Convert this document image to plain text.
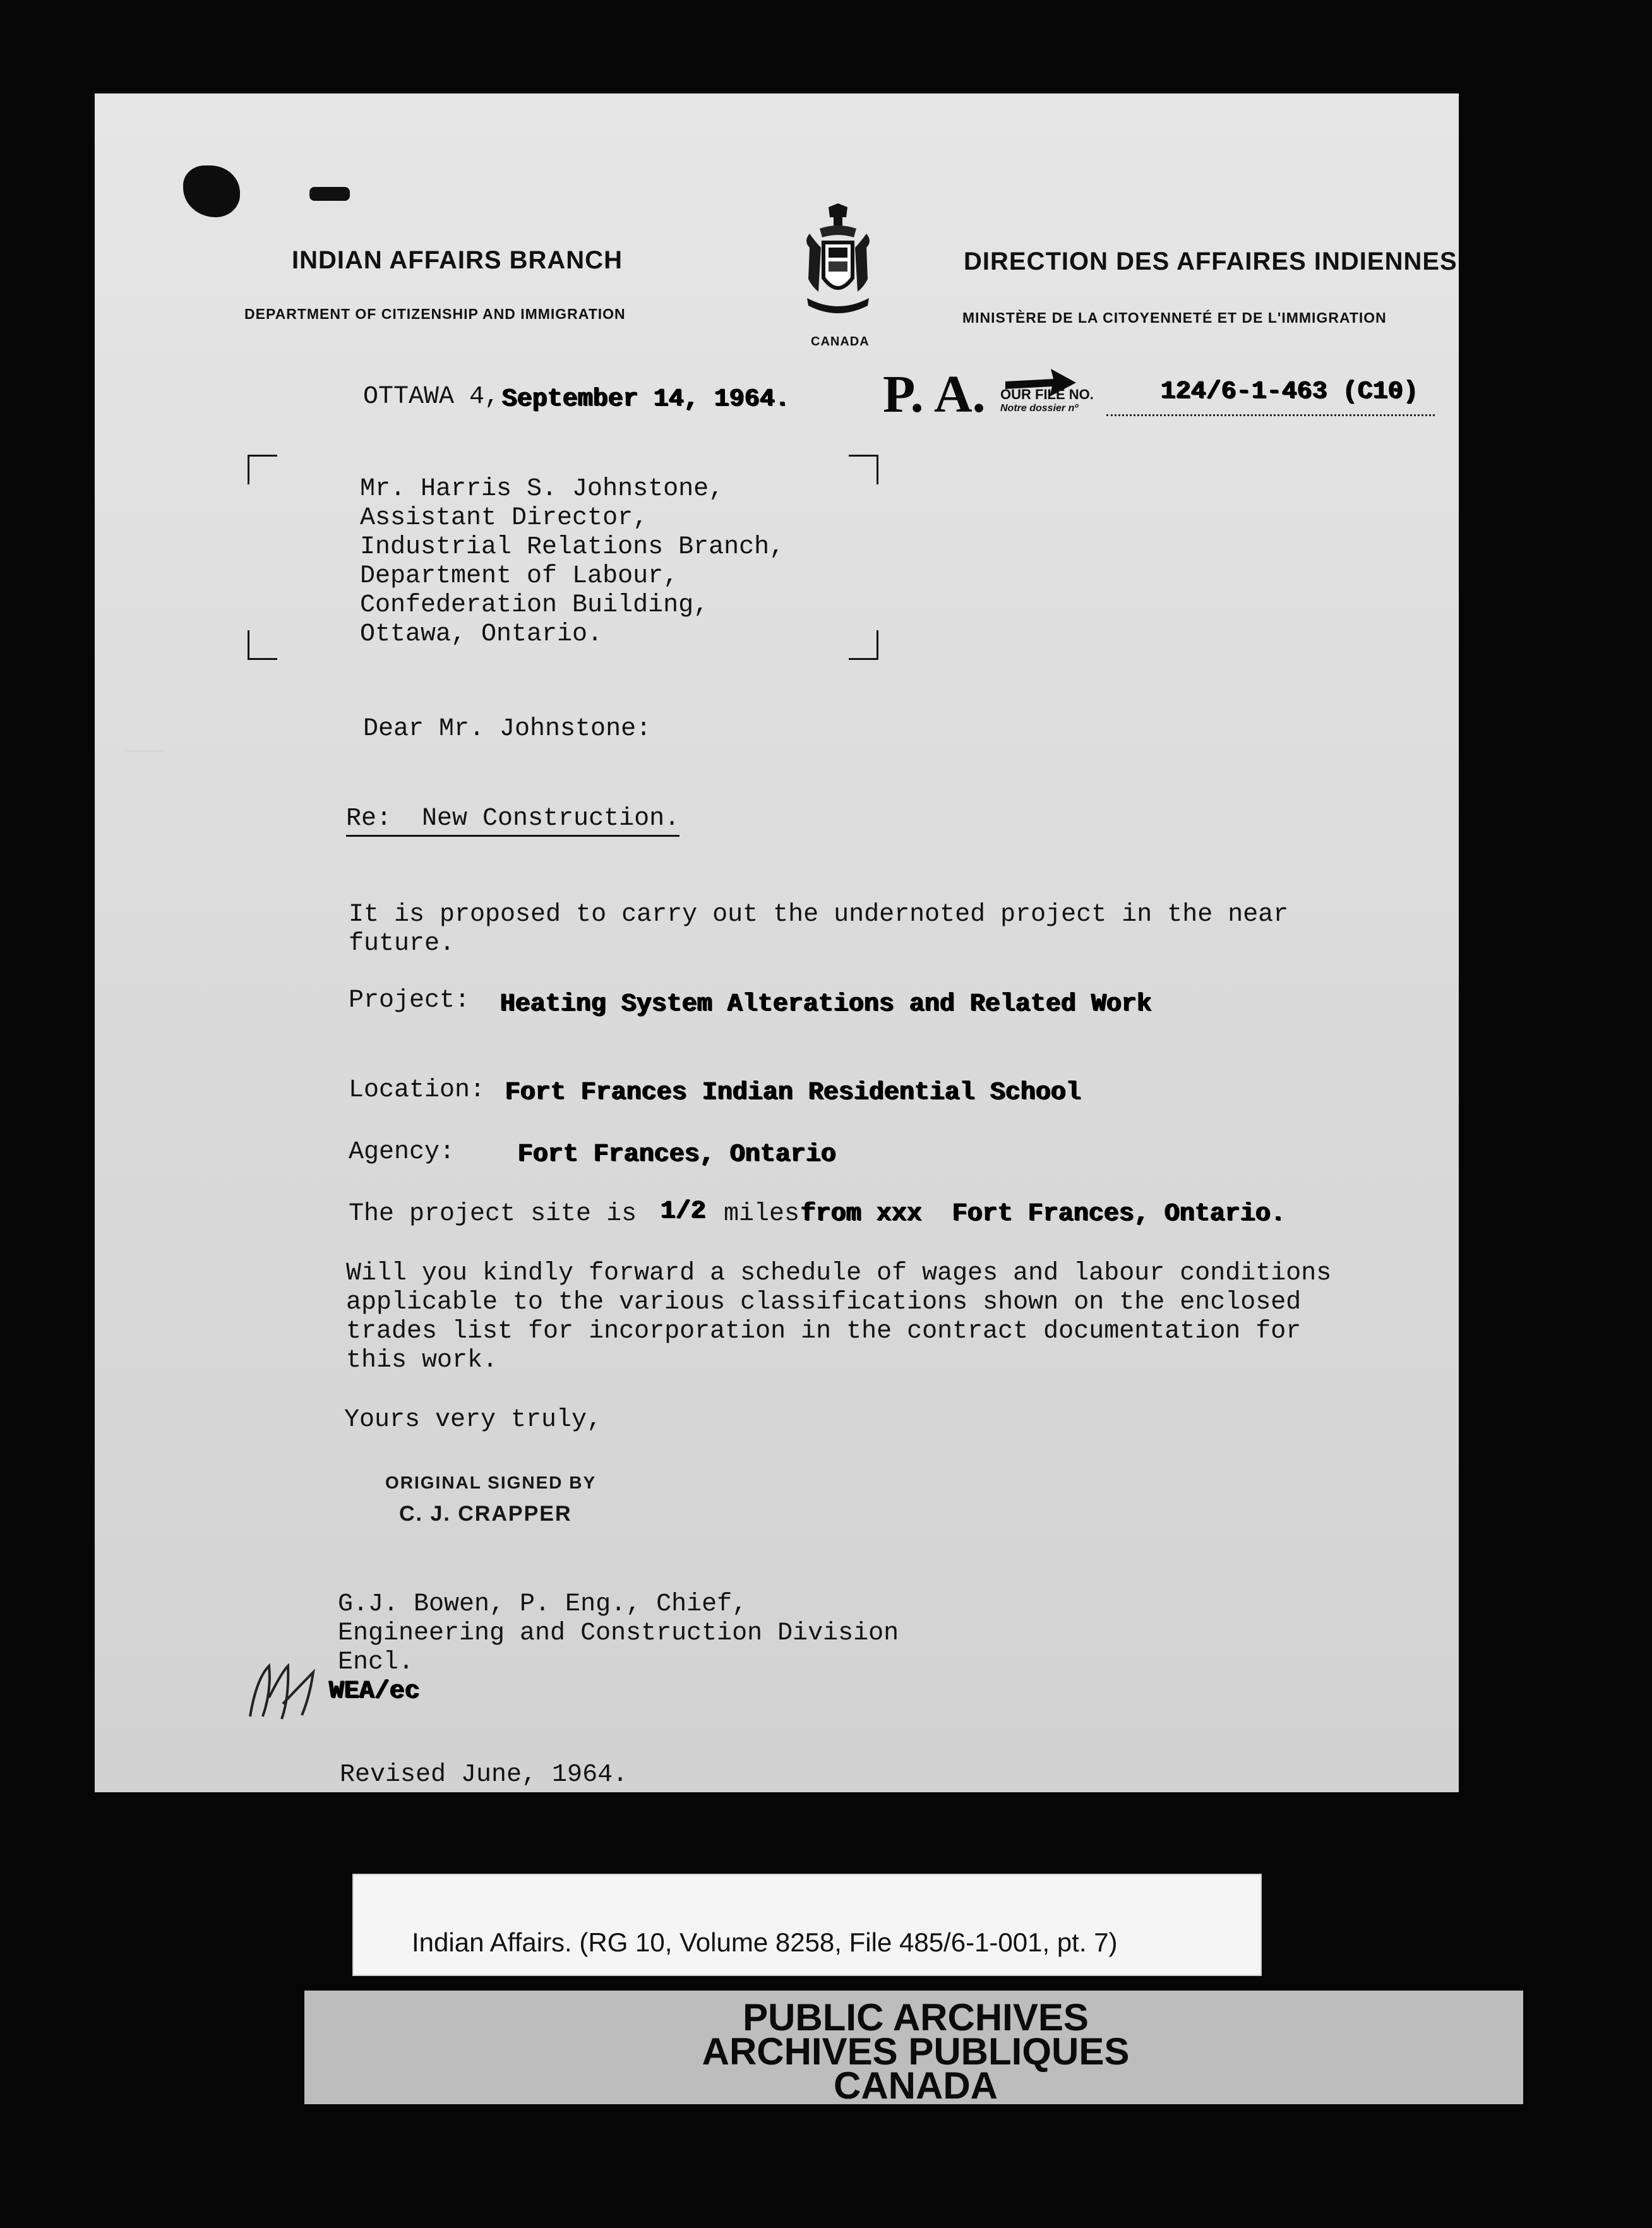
INDIAN AFFAIRS BRANCH
DEPARTMENT OF CITIZENSHIP AND IMMIGRATION
CANADA
DIRECTION DES AFFAIRES INDIENNES
MINISTÈRE DE LA CITOYENNETÉ ET DE L'IMMIGRATION
OTTAWA 4, September 14, 1964. P. A. OUR FILE NO.
Notre dossier nº
124/6-1-463 (C10)
Mr. Harris S. Johnstone,
Assistant Director,
Industrial Relations Branch,
Department of Labour,
Confederation Building,
Ottawa, Ontario.
Dear Mr. Johnstone:
Re:  New Construction.
It is proposed to carry out the undernoted project in the near
future.
Project: Heating System Alterations and Related Work
Location: Fort Frances Indian Residential School
Agency: Fort Frances, Ontario
The project site is 1/2 miles from xxx  Fort Frances, Ontario.
Will you kindly forward a schedule of wages and labour conditions
applicable to the various classifications shown on the enclosed
trades list for incorporation in the contract documentation for
this work.
Yours very truly,
ORIGINAL SIGNED BY
C. J. CRAPPER
G.J. Bowen, P. Eng., Chief,
Engineering and Construction Division
Encl.
WEA/ec
Revised June, 1964.
Indian Affairs. (RG 10, Volume 8258, File 485/6-1-001, pt. 7)
PUBLIC ARCHIVES
ARCHIVES PUBLIQUES
CANADA
